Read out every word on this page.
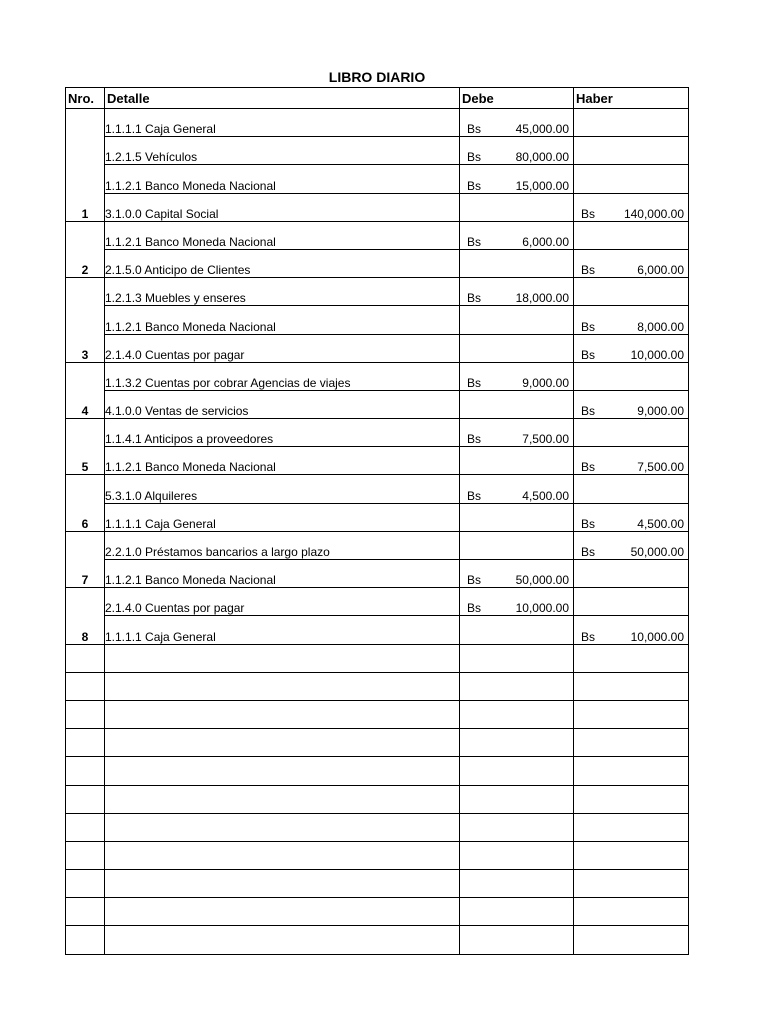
LIBRO DIARIO
Nro.	Detalle	Debe	Haber
1	1.1.1.1 Caja General	Bs 45,000.00	

	1.2.1.5 Vehículos	Bs 80,000.00	

	1.1.2.1 Banco Moneda Nacional	Bs 15,000.00	

	3.1.0.0 Capital Social		Bs 140,000.00

2	1.1.2.1 Banco Moneda Nacional	Bs 6,000.00	

	2.1.5.0 Anticipo de Clientes		Bs 6,000.00

3	1.2.1.3 Muebles y enseres	Bs 18,000.00	

	1.1.2.1 Banco Moneda Nacional		Bs 8,000.00

	2.1.4.0 Cuentas por pagar		Bs 10,000.00

4	1.1.3.2 Cuentas por cobrar Agencias de viajes	Bs 9,000.00	

	4.1.0.0 Ventas de servicios		Bs 9,000.00

5	1.1.4.1 Anticipos a proveedores	Bs 7,500.00	

	1.1.2.1 Banco Moneda Nacional		Bs 7,500.00

6	5.3.1.0 Alquileres	Bs 4,500.00	

	1.1.1.1 Caja General		Bs 4,500.00

7	2.2.1.0 Préstamos bancarios a largo plazo		Bs 50,000.00

	1.1.2.1 Banco Moneda Nacional	Bs 50,000.00	

8	2.1.4.0 Cuentas por pagar	Bs 10,000.00	

	1.1.1.1 Caja General		Bs 10,000.00
